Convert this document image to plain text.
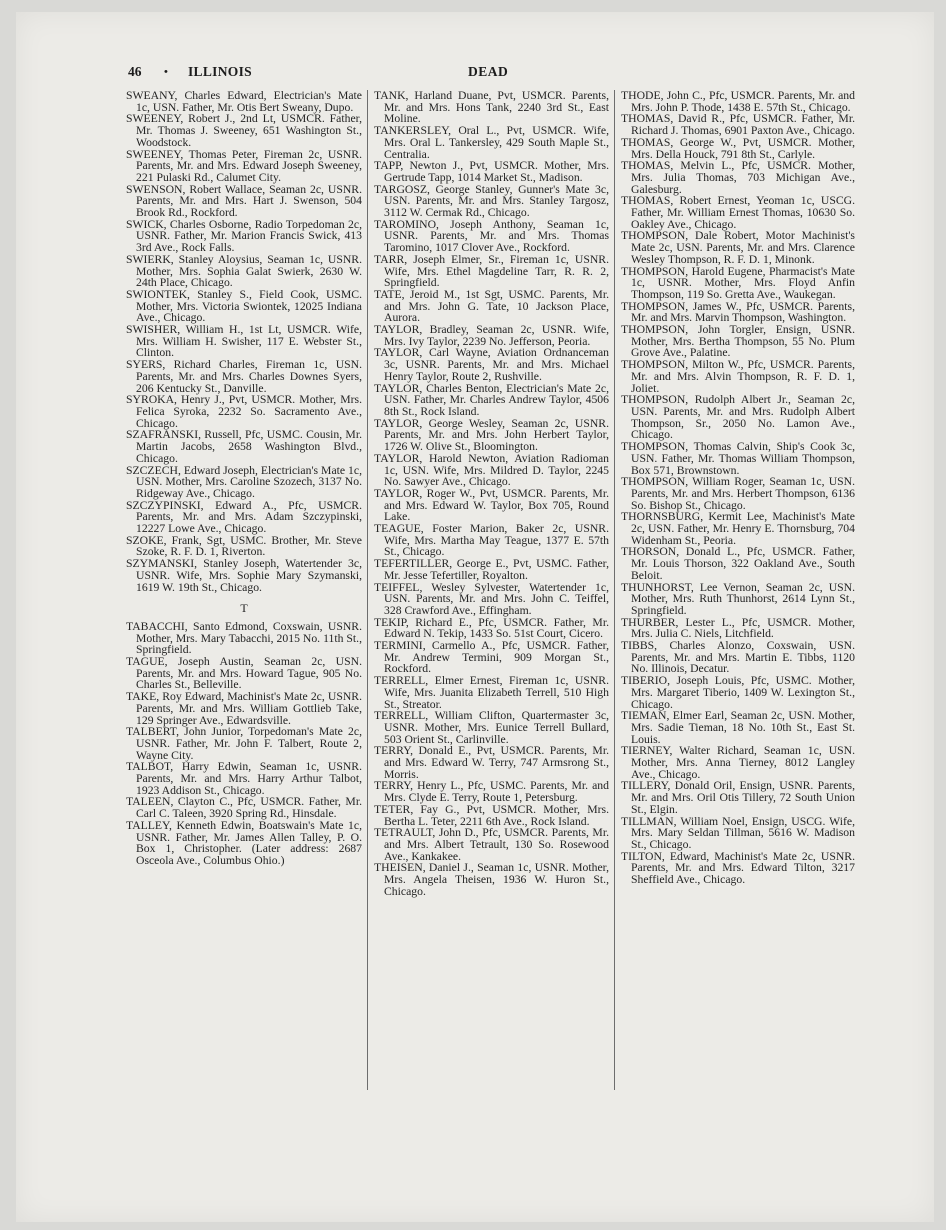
46 • ILLINOIS	DEAD

SWEANY, Charles Edward, Electrician's Mate 1c, USN. Father, Mr. Otis Bert Sweany, Dupo.

SWEENEY, Robert J., 2nd Lt, USMCR. Father, Mr. Thomas J. Sweeney, 651 Washington St., Woodstock.

SWEENEY, Thomas Peter, Fireman 2c, USNR. Parents, Mr. and Mrs. Edward Joseph Sweeney, 221 Pulaski Rd., Calumet City.

SWENSON, Robert Wallace, Seaman 2c, USNR. Parents, Mr. and Mrs. Hart J. Swenson, 504 Brook Rd., Rockford.

SWICK, Charles Osborne, Radio Torpedoman 2c, USNR. Father, Mr. Marion Francis Swick, 413 3rd Ave., Rock Falls.

SWIERK, Stanley Aloysius, Seaman 1c, USNR. Mother, Mrs. Sophia Galat Swierk, 2630 W. 24th Place, Chicago.

SWIONTEK, Stanley S., Field Cook, USMC. Mother, Mrs. Victoria Swiontek, 12025 Indiana Ave., Chicago.

SWISHER, William H., 1st Lt, USMCR. Wife, Mrs. William H. Swisher, 117 E. Webster St., Clinton.

SYERS, Richard Charles, Fireman 1c, USN. Parents, Mr. and Mrs. Charles Downes Syers, 206 Kentucky St., Danville.

SYROKA, Henry J., Pvt, USMCR. Mother, Mrs. Felica Syroka, 2232 So. Sacramento Ave., Chicago.

SZAFRANSKI, Russell, Pfc, USMC. Cousin, Mr. Martin Jacobs, 2658 Washington Blvd., Chicago.

SZCZECH, Edward Joseph, Electrician's Mate 1c, USN. Mother, Mrs. Caroline Szozech, 3137 No. Ridgeway Ave., Chicago.

SZCZYPINSKI, Edward A., Pfc, USMCR. Parents, Mr. and Mrs. Adam Szczypinski, 12227 Lowe Ave., Chicago.

SZOKE, Frank, Sgt, USMC. Brother, Mr. Steve Szoke, R. F. D. 1, Riverton.

SZYMANSKI, Stanley Joseph, Watertender 3c, USNR. Wife, Mrs. Sophie Mary Szymanski, 1619 W. 19th St., Chicago.

T

TABACCHI, Santo Edmond, Coxswain, USNR. Mother, Mrs. Mary Tabacchi, 2015 No. 11th St., Springfield.

TAGUE, Joseph Austin, Seaman 2c, USN. Parents, Mr. and Mrs. Howard Tague, 905 No. Charles St., Belleville.

TAKE, Roy Edward, Machinist's Mate 2c, USNR. Parents, Mr. and Mrs. William Gottlieb Take, 129 Springer Ave., Edwardsville.

TALBERT, John Junior, Torpedoman's Mate 2c, USNR. Father, Mr. John F. Talbert, Route 2, Wayne City.

TALBOT, Harry Edwin, Seaman 1c, USNR. Parents, Mr. and Mrs. Harry Arthur Talbot, 1923 Addison St., Chicago.

TALEEN, Clayton C., Pfc, USMCR. Father, Mr. Carl C. Taleen, 3920 Spring Rd., Hinsdale.

TALLEY, Kenneth Edwin, Boatswain's Mate 1c, USNR. Father, Mr. James Allen Talley, P. O. Box 1, Christopher. (Later address: 2687 Osceola Ave., Columbus Ohio.)

TANK, Harland Duane, Pvt, USMCR. Parents, Mr. and Mrs. Hons Tank, 2240 3rd St., East Moline.

TANKERSLEY, Oral L., Pvt, USMCR. Wife, Mrs. Oral L. Tankersley, 429 South Maple St., Centralia.

TAPP, Newton J., Pvt, USMCR. Mother, Mrs. Gertrude Tapp, 1014 Market St., Madison.

TARGOSZ, George Stanley, Gunner's Mate 3c, USN. Parents, Mr. and Mrs. Stanley Targosz, 3112 W. Cermak Rd., Chicago.

TAROMINO, Joseph Anthony, Seaman 1c, USNR. Parents, Mr. and Mrs. Thomas Taromino, 1017 Clover Ave., Rockford.

TARR, Joseph Elmer, Sr., Fireman 1c, USNR. Wife, Mrs. Ethel Magdeline Tarr, R. R. 2, Springfield.

TATE, Jeroid M., 1st Sgt, USMC. Parents, Mr. and Mrs. John G. Tate, 10 Jackson Place, Aurora.

TAYLOR, Bradley, Seaman 2c, USNR. Wife, Mrs. Ivy Taylor, 2239 No. Jefferson, Peoria.

TAYLOR, Carl Wayne, Aviation Ordnanceman 3c, USNR. Parents, Mr. and Mrs. Michael Henry Taylor, Route 2, Rushville.

TAYLOR, Charles Benton, Electrician's Mate 2c, USN. Father, Mr. Charles Andrew Taylor, 4506 8th St., Rock Island.

TAYLOR, George Wesley, Seaman 2c, USNR. Parents, Mr. and Mrs. John Herbert Taylor, 1726 W. Olive St., Bloomington.

TAYLOR, Harold Newton, Aviation Radioman 1c, USN. Wife, Mrs. Mildred D. Taylor, 2245 No. Sawyer Ave., Chicago.

TAYLOR, Roger W., Pvt, USMCR. Parents, Mr. and Mrs. Edward W. Taylor, Box 705, Round Lake.

TEAGUE, Foster Marion, Baker 2c, USNR. Wife, Mrs. Martha May Teague, 1377 E. 57th St., Chicago.

TEFERTILLER, George E., Pvt, USMC. Father, Mr. Jesse Tefertiller, Royalton.

TEIFFEL, Wesley Sylvester, Watertender 1c, USN. Parents, Mr. and Mrs. John C. Teiffel, 328 Crawford Ave., Effingham.

TEKIP, Richard E., Pfc, USMCR. Father, Mr. Edward N. Tekip, 1433 So. 51st Court, Cicero.

TERMINI, Carmello A., Pfc, USMCR. Father, Mr. Andrew Termini, 909 Morgan St., Rockford.

TERRELL, Elmer Ernest, Fireman 1c, USNR. Wife, Mrs. Juanita Elizabeth Terrell, 510 High St., Streator.

TERRELL, William Clifton, Quartermaster 3c, USNR. Mother, Mrs. Eunice Terrell Bullard, 503 Orient St., Carlinville.

TERRY, Donald E., Pvt, USMCR. Parents, Mr. and Mrs. Edward W. Terry, 747 Armsrong St., Morris.

TERRY, Henry L., Pfc, USMC. Parents, Mr. and Mrs. Clyde E. Terry, Route 1, Petersburg.

TETER, Fay G., Pvt, USMCR. Mother, Mrs. Bertha L. Teter, 2211 6th Ave., Rock Island.

TETRAULT, John D., Pfc, USMCR. Parents, Mr. and Mrs. Albert Tetrault, 130 So. Rosewood Ave., Kankakee.

THEISEN, Daniel J., Seaman 1c, USNR. Mother, Mrs. Angela Theisen, 1936 W. Huron St., Chicago.

THODE, John C., Pfc, USMCR. Parents, Mr. and Mrs. John P. Thode, 1438 E. 57th St., Chicago.

THOMAS, David R., Pfc, USMCR. Father, Mr. Richard J. Thomas, 6901 Paxton Ave., Chicago.

THOMAS, George W., Pvt, USMCR. Mother, Mrs. Della Houck, 791 8th St., Carlyle.

THOMAS, Melvin L., Pfc, USMCR. Mother, Mrs. Julia Thomas, 703 Michigan Ave., Galesburg.

THOMAS, Robert Ernest, Yeoman 1c, USCG. Father, Mr. William Ernest Thomas, 10630 So. Oakley Ave., Chicago.

THOMPSON, Dale Robert, Motor Machinist's Mate 2c, USN. Parents, Mr. and Mrs. Clarence Wesley Thompson, R. F. D. 1, Minonk.

THOMPSON, Harold Eugene, Pharmacist's Mate 1c, USNR. Mother, Mrs. Floyd Anfin Thompson, 119 So. Gretta Ave., Waukegan.

THOMPSON, James W., Pfc, USMCR. Parents, Mr. and Mrs. Marvin Thompson, Washington.

THOMPSON, John Torgler, Ensign, USNR. Mother, Mrs. Bertha Thompson, 55 No. Plum Grove Ave., Palatine.

THOMPSON, Milton W., Pfc, USMCR. Parents, Mr. and Mrs. Alvin Thompson, R. F. D. 1, Joliet.

THOMPSON, Rudolph Albert Jr., Seaman 2c, USN. Parents, Mr. and Mrs. Rudolph Albert Thompson, Sr., 2050 No. Lamon Ave., Chicago.

THOMPSON, Thomas Calvin, Ship's Cook 3c, USN. Father, Mr. Thomas William Thompson, Box 571, Brownstown.

THOMPSON, William Roger, Seaman 1c, USN. Parents, Mr. and Mrs. Herbert Thompson, 6136 So. Bishop St., Chicago.

THORNSBURG, Kermit Lee, Machinist's Mate 2c, USN. Father, Mr. Henry E. Thornsburg, 704 Widenham St., Peoria.

THORSON, Donald L., Pfc, USMCR. Father, Mr. Louis Thorson, 322 Oakland Ave., South Beloit.

THUNHORST, Lee Vernon, Seaman 2c, USN. Mother, Mrs. Ruth Thunhorst, 2614 Lynn St., Springfield.

THURBER, Lester L., Pfc, USMCR. Mother, Mrs. Julia C. Niels, Litchfield.

TIBBS, Charles Alonzo, Coxswain, USN. Parents, Mr. and Mrs. Martin E. Tibbs, 1120 No. Illinois, Decatur.

TIBERIO, Joseph Louis, Pfc, USMC. Mother, Mrs. Margaret Tiberio, 1409 W. Lexington St., Chicago.

TIEMAN, Elmer Earl, Seaman 2c, USN. Mother, Mrs. Sadie Tieman, 18 No. 10th St., East St. Louis.

TIERNEY, Walter Richard, Seaman 1c, USN. Mother, Mrs. Anna Tierney, 8012 Langley Ave., Chicago.

TILLERY, Donald Oril, Ensign, USNR. Parents, Mr. and Mrs. Oril Otis Tillery, 72 South Union St., Elgin.

TILLMAN, William Noel, Ensign, USCG. Wife, Mrs. Mary Seldan Tillman, 5616 W. Madison St., Chicago.

TILTON, Edward, Machinist's Mate 2c, USNR. Parents, Mr. and Mrs. Edward Tilton, 3217 Sheffield Ave., Chicago.
